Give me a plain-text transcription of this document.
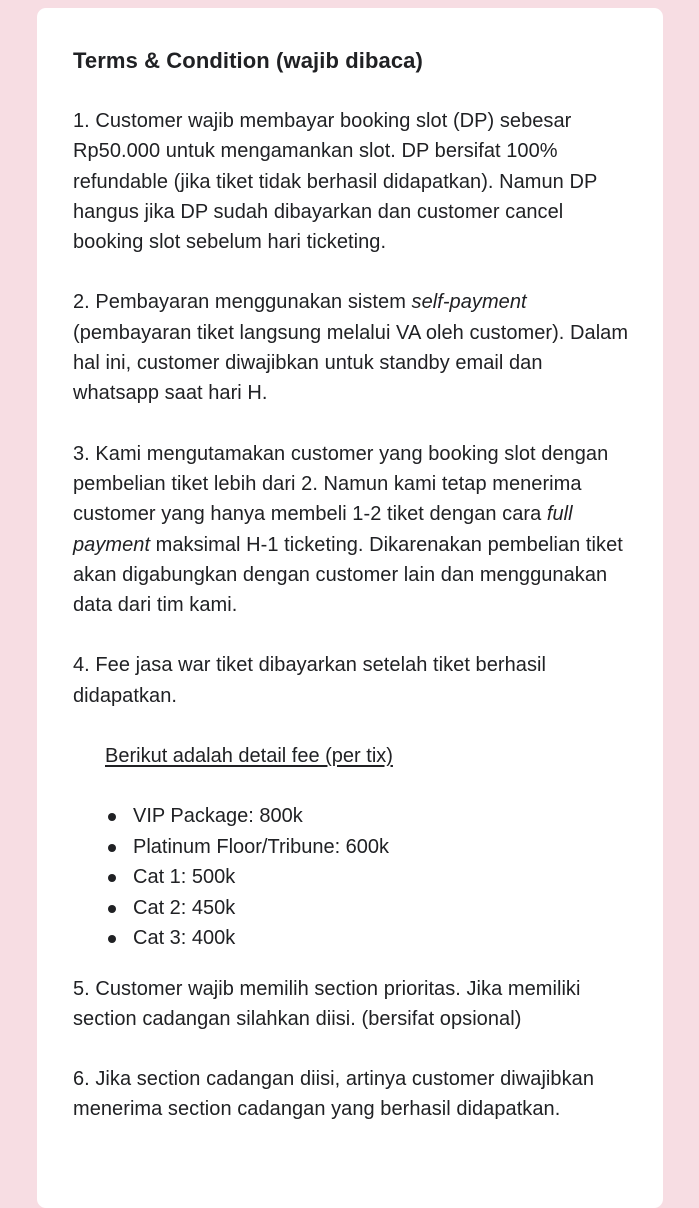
Terms & Condition (wajib dibaca)
1. Customer wajib membayar booking slot (DP) sebesar Rp50.000 untuk mengamankan slot. DP bersifat 100% refundable (jika tiket tidak berhasil didapatkan). Namun DP hangus jika DP sudah dibayarkan dan customer cancel booking slot sebelum hari ticketing.
2. Pembayaran menggunakan sistem self-payment (pembayaran tiket langsung melalui VA oleh customer). Dalam hal ini, customer diwajibkan untuk standby email dan whatsapp saat hari H.
3. Kami mengutamakan customer yang booking slot dengan pembelian tiket lebih dari 2. Namun kami tetap menerima customer yang hanya membeli 1-2 tiket dengan cara full payment maksimal H-1 ticketing. Dikarenakan pembelian tiket akan digabungkan dengan customer lain dan menggunakan data dari tim kami.
4. Fee jasa war tiket dibayarkan setelah tiket berhasil didapatkan.
Berikut adalah detail fee (per tix)
VIP Package: 800k
Platinum Floor/Tribune: 600k
Cat 1: 500k
Cat 2: 450k
Cat 3: 400k
5. Customer wajib memilih section prioritas. Jika memiliki section cadangan silahkan diisi. (bersifat opsional)
6. Jika section cadangan diisi, artinya customer diwajibkan menerima section cadangan yang berhasil didapatkan.
